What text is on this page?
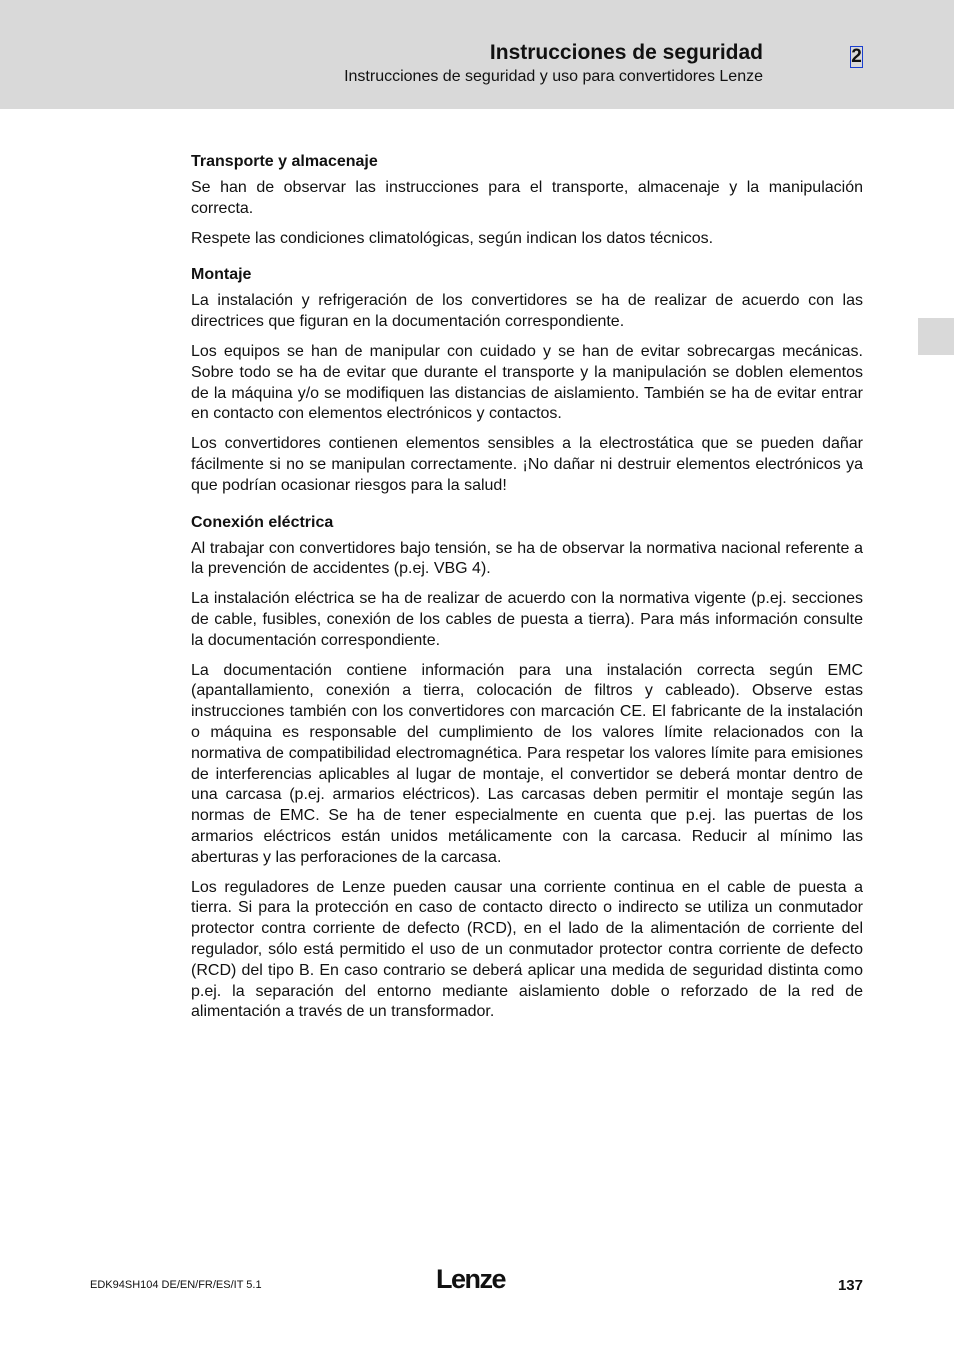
Instrucciones de seguridad
Instrucciones de seguridad y uso para convertidores Lenze
2
Transporte y almacenaje

Se han de observar las instrucciones para el transporte, almacenaje y la manipulación correcta.

Respete las condiciones climatológicas, según indican los datos técnicos.

Montaje

La instalación y refrigeración de los convertidores se ha de realizar de acuerdo con las directrices que figuran en la documentación correspondiente.

Los equipos se han de manipular con cuidado y se han de evitar sobrecargas mecánicas. Sobre todo se ha de evitar que durante el transporte y la manipulación se doblen elementos de la máquina y/o se modifiquen las distancias de aislamiento. También se ha de evitar entrar en contacto con elementos electrónicos y contactos.

Los convertidores contienen elementos sensibles a la electrostática que se pueden dañar fácilmente si no se manipulan correctamente. ¡No dañar ni destruir elementos electrónicos ya que podrían ocasionar riesgos para la salud!

Conexión eléctrica

Al trabajar con convertidores bajo tensión, se ha de observar la normativa nacional referente a la prevención de accidentes (p.ej. VBG 4).

La instalación eléctrica se ha de realizar de acuerdo con la normativa vigente (p.ej. secciones de cable, fusibles, conexión de los cables de puesta a tierra). Para más información consulte la documentación correspondiente.

La documentación contiene información para una instalación correcta según EMC (apantallamiento, conexión a tierra, colocación de filtros y cableado). Observe estas instrucciones también con los convertidores con marcación CE. El fabricante de la instalación o máquina es responsable del cumplimiento de los valores límite relacionados con la normativa de compatibilidad electromagnética. Para respetar los valores límite para emisiones de interferencias aplicables al lugar de montaje, el convertidor se deberá montar dentro de una carcasa (p.ej. armarios eléctricos). Las carcasas deben permitir el montaje según las normas de EMC. Se ha de tener especialmente en cuenta que p.ej. las puertas de los armarios eléctricos están unidos metálicamente con la carcasa. Reducir al mínimo las aberturas y las perforaciones de la carcasa.

Los reguladores de Lenze pueden causar una corriente continua en el cable de puesta a tierra. Si para la protección en caso de contacto directo o indirecto se utiliza un conmutador protector contra corriente de defecto (RCD), en el lado de la alimentación de corriente del regulador, sólo está permitido el uso de un conmutador protector contra corriente de defecto (RCD) del tipo B. En caso contrario se deberá aplicar una medida de seguridad distinta como p.ej. la separación del entorno mediante aislamiento doble o reforzado de la red de alimentación a través de un transformador.

EDK94SH104 DE/EN/FR/ES/IT 5.1	Lenze	137
